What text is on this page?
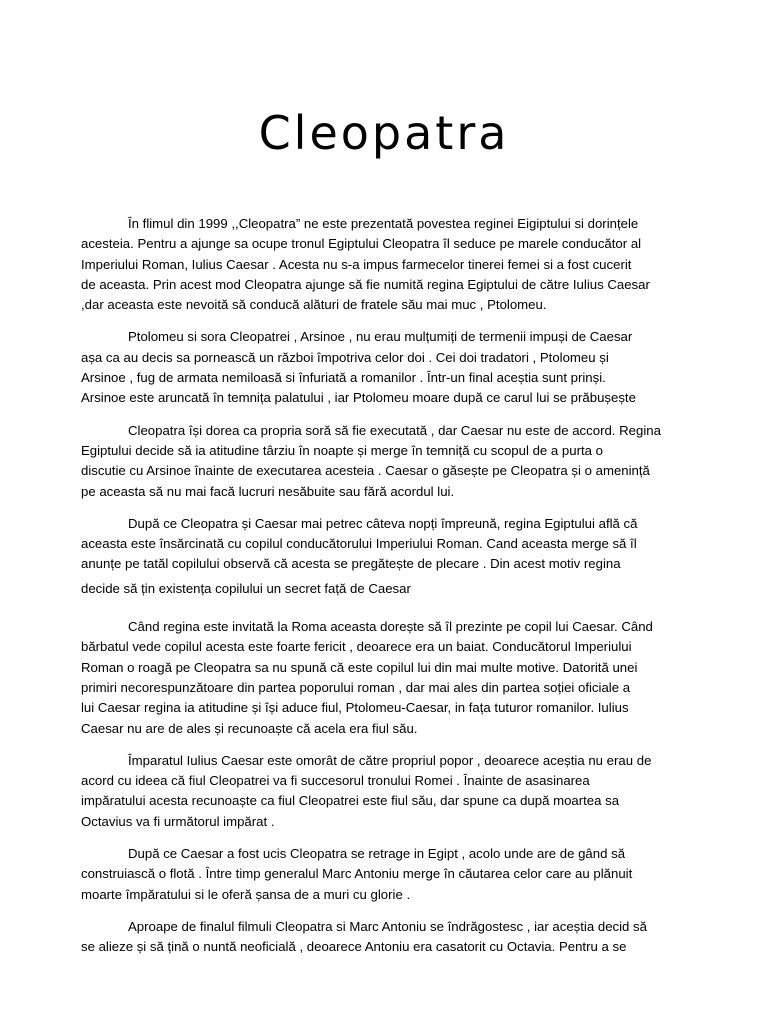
Cleopatra

În flimul din 1999 ,,Cleopatra” ne este prezentată povestea reginei Eigiptului si dorințele
acesteia. Pentru a ajunge sa ocupe tronul Egiptului Cleopatra îl seduce pe marele conducător al
Imperiului Roman, Iulius Caesar . Acesta nu s-a impus farmecelor tinerei femei si a fost cucerit
de aceasta. Prin acest mod Cleopatra ajunge să fie numită regina Egiptului de către Iulius Caesar
,dar aceasta este nevoită să conducă alături de fratele său mai muc , Ptolomeu.

Ptolomeu si sora Cleopatrei , Arsinoe , nu erau mulțumiți de termenii impuși de Caesar
așa ca au decis sa pornească un război împotriva celor doi . Cei doi tradatori , Ptolomeu și
Arsinoe , fug de armata nemiloasă si înfuriată a romanilor . Într-un final aceștia sunt prinși.
Arsinoe este aruncată în temnița palatului , iar Ptolomeu moare după ce carul lui se prăbușește

Cleopatra își dorea ca propria soră să fie executată , dar Caesar nu este de accord. Regina
Egiptului decide să ia atitudine târziu în noapte și merge în temniță cu scopul de a purta o
discutie cu Arsinoe înainte de executarea acesteia . Caesar o găsește pe Cleopatra și o amenință
pe aceasta să nu mai facă lucruri nesăbuite sau fără acordul lui.

După ce Cleopatra și Caesar mai petrec câteva nopți împreună, regina Egiptului află că
aceasta este însărcinată cu copilul conducătorului Imperiului Roman. Cand aceasta merge să îl
anunțe pe tatăl copilului observă că acesta se pregătește de plecare . Din acest motiv regina
decide să țin existența copilului un secret față de Caesar

Când regina este invitată la Roma aceasta dorește să îl prezinte pe copil lui Caesar. Când
bărbatul vede copilul acesta este foarte fericit , deoarece era un baiat. Conducătorul Imperiului
Roman o roagă pe Cleopatra sa nu spună că este copilul lui din mai multe motive. Datorită unei
primiri necorespunzătoare din partea poporului roman , dar mai ales din partea soției oficiale a
lui Caesar regina ia atitudine și își aduce fiul, Ptolomeu-Caesar, in fața tuturor romanilor. Iulius
Caesar nu are de ales și recunoaște că acela era fiul său.

Împaratul Iulius Caesar este omorât de către propriul popor , deoarece aceștia nu erau de
acord cu ideea că fiul Cleopatrei va fi succesorul tronului Romei . Înainte de asasinarea
impăratului acesta recunoaște ca fiul Cleopatrei este fiul său, dar spune ca după moartea sa
Octavius va fi următorul impărat .

După ce Caesar a fost ucis Cleopatra se retrage in Egipt , acolo unde are de gând să
construiască o flotă . Între timp generalul Marc Antoniu merge în căutarea celor care au plănuit
moarte împăratului si le oferă șansa de a muri cu glorie .

Aproape de finalul filmuli Cleopatra si Marc Antoniu se îndrăgostesc , iar aceștia decid să
se alieze și să țină o nuntă neoficială , deoarece Antoniu era casatorit cu Octavia. Pentru a se
